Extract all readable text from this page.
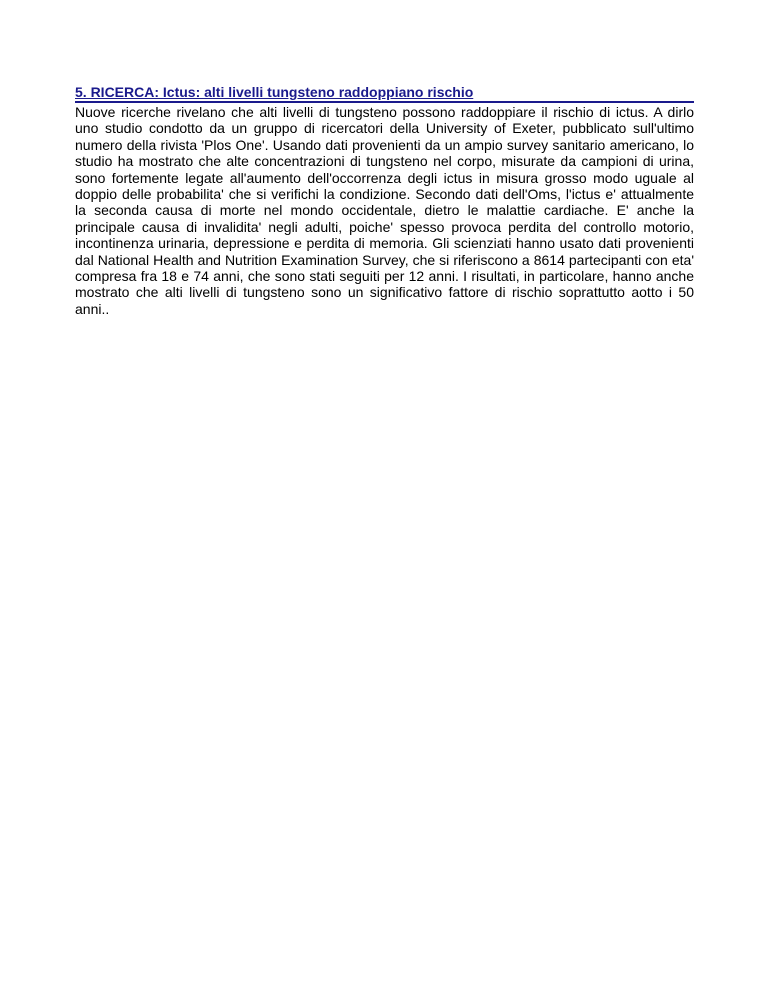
5. RICERCA: Ictus: alti livelli tungsteno raddoppiano rischio

Nuove ricerche rivelano che alti livelli di tungsteno possono raddoppiare il rischio di ictus. A dirlo uno studio condotto da un gruppo di ricercatori della University of Exeter, pubblicato sull'ultimo numero della rivista 'Plos One'. Usando dati provenienti da un ampio survey sanitario americano, lo studio ha mostrato che alte concentrazioni di tungsteno nel corpo, misurate da campioni di urina, sono fortemente legate all'aumento dell'occorrenza degli ictus in misura grosso modo uguale al doppio delle probabilita' che si verifichi la condizione. Secondo dati dell'Oms, l'ictus e' attualmente la seconda causa di morte nel mondo occidentale, dietro le malattie cardiache. E' anche la principale causa di invalidita' negli adulti, poiche' spesso provoca perdita del controllo motorio, incontinenza urinaria, depressione e perdita di memoria. Gli scienziati hanno usato dati provenienti dal National Health and Nutrition Examination Survey, che si riferiscono a 8614 partecipanti con eta' compresa fra 18 e 74 anni, che sono stati seguiti per 12 anni. I risultati, in particolare, hanno anche mostrato che alti livelli di tungsteno sono un significativo fattore di rischio soprattutto aotto i 50 anni..
